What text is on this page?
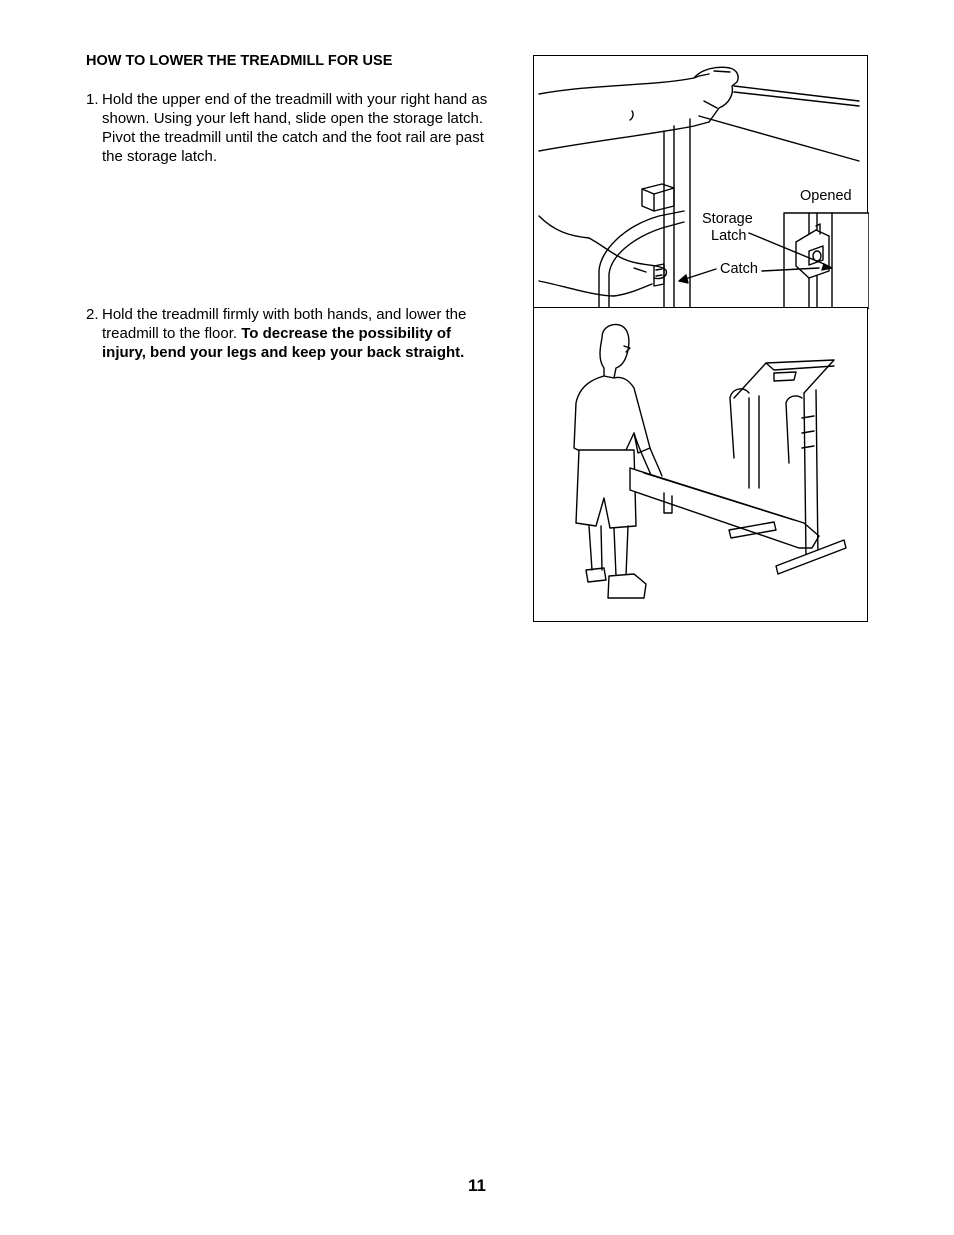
HOW TO LOWER THE TREADMILL FOR USE
1. Hold the upper end of the treadmill with your right hand as shown. Using your left hand, slide open the storage latch. Pivot the treadmill until the catch and the foot rail are past the storage latch.
2. Hold the treadmill firmly with both hands, and lower the treadmill to the floor. To decrease the possibility of injury, bend your legs and keep your back straight.
Opened
Storage
Latch
Catch
11
